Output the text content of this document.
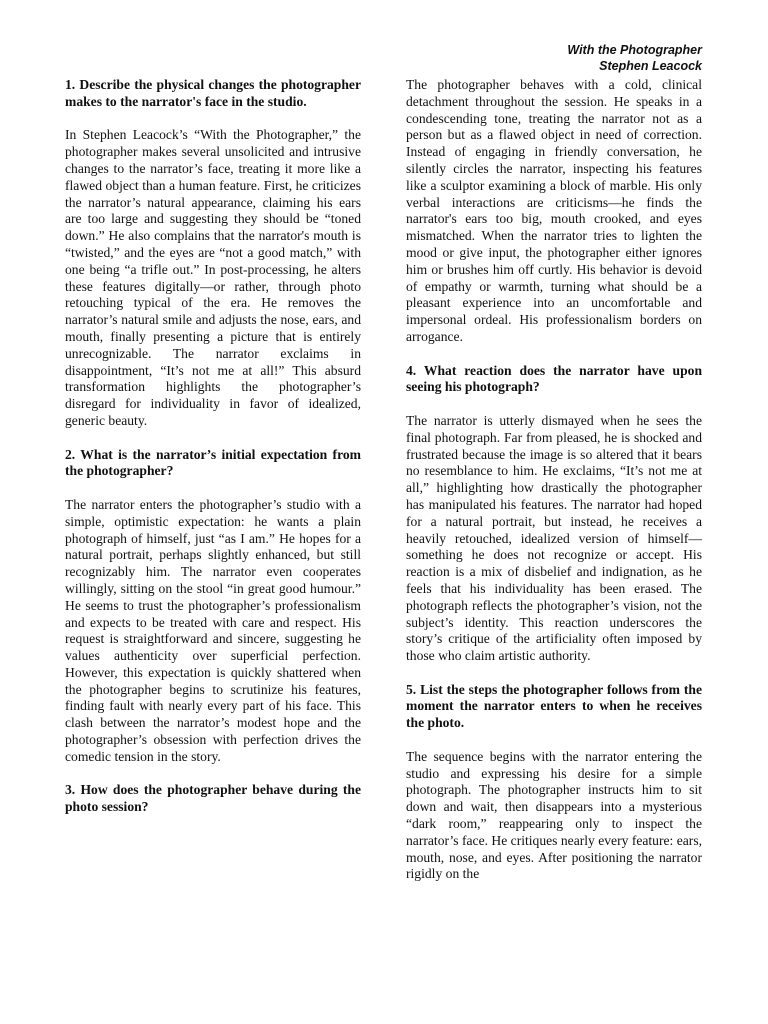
With the Photographer
Stephen Leacock

1. Describe the physical changes the photographer makes to the narrator's face in the studio.

In Stephen Leacock’s “With the Photographer,” the photographer makes several unsolicited and intrusive changes to the narrator’s face, treating it more like a flawed object than a human feature. First, he criticizes the narrator’s natural appearance, claiming his ears are too large and suggesting they should be “toned down.” He also complains that the narrator's mouth is “twisted,” and the eyes are “not a good match,” with one being “a trifle out.” In post-processing, he alters these features digitally—or rather, through photo retouching typical of the era. He removes the narrator’s natural smile and adjusts the nose, ears, and mouth, finally presenting a picture that is entirely unrecognizable. The narrator exclaims in disappointment, “It’s not me at all!” This absurd transformation highlights the photographer’s disregard for individuality in favor of idealized, generic beauty.

2. What is the narrator’s initial expectation from the photographer?

The narrator enters the photographer’s studio with a simple, optimistic expectation: he wants a plain photograph of himself, just “as I am.” He hopes for a natural portrait, perhaps slightly enhanced, but still recognizably him. The narrator even cooperates willingly, sitting on the stool “in great good humour.” He seems to trust the photographer’s professionalism and expects to be treated with care and respect. His request is straightforward and sincere, suggesting he values authenticity over superficial perfection. However, this expectation is quickly shattered when the photographer begins to scrutinize his features, finding fault with nearly every part of his face. This clash between the narrator’s modest hope and the photographer’s obsession with perfection drives the comedic tension in the story.

3. How does the photographer behave during the photo session?

The photographer behaves with a cold, clinical detachment throughout the session. He speaks in a condescending tone, treating the narrator not as a person but as a flawed object in need of correction. Instead of engaging in friendly conversation, he silently circles the narrator, inspecting his features like a sculptor examining a block of marble. His only verbal interactions are criticisms—he finds the narrator's ears too big, mouth crooked, and eyes mismatched. When the narrator tries to lighten the mood or give input, the photographer either ignores him or brushes him off curtly. His behavior is devoid of empathy or warmth, turning what should be a pleasant experience into an uncomfortable and impersonal ordeal. His professionalism borders on arrogance.

4. What reaction does the narrator have upon seeing his photograph?

The narrator is utterly dismayed when he sees the final photograph. Far from pleased, he is shocked and frustrated because the image is so altered that it bears no resemblance to him. He exclaims, “It’s not me at all,” highlighting how drastically the photographer has manipulated his features. The narrator had hoped for a natural portrait, but instead, he receives a heavily retouched, idealized version of himself—something he does not recognize or accept. His reaction is a mix of disbelief and indignation, as he feels that his individuality has been erased. The photograph reflects the photographer’s vision, not the subject’s identity. This reaction underscores the story’s critique of the artificiality often imposed by those who claim artistic authority.

5. List the steps the photographer follows from the moment the narrator enters to when he receives the photo.

The sequence begins with the narrator entering the studio and expressing his desire for a simple photograph. The photographer instructs him to sit down and wait, then disappears into a mysterious “dark room,” reappearing only to inspect the narrator’s face. He critiques nearly every feature: ears, mouth, nose, and eyes. After positioning the narrator rigidly on the
